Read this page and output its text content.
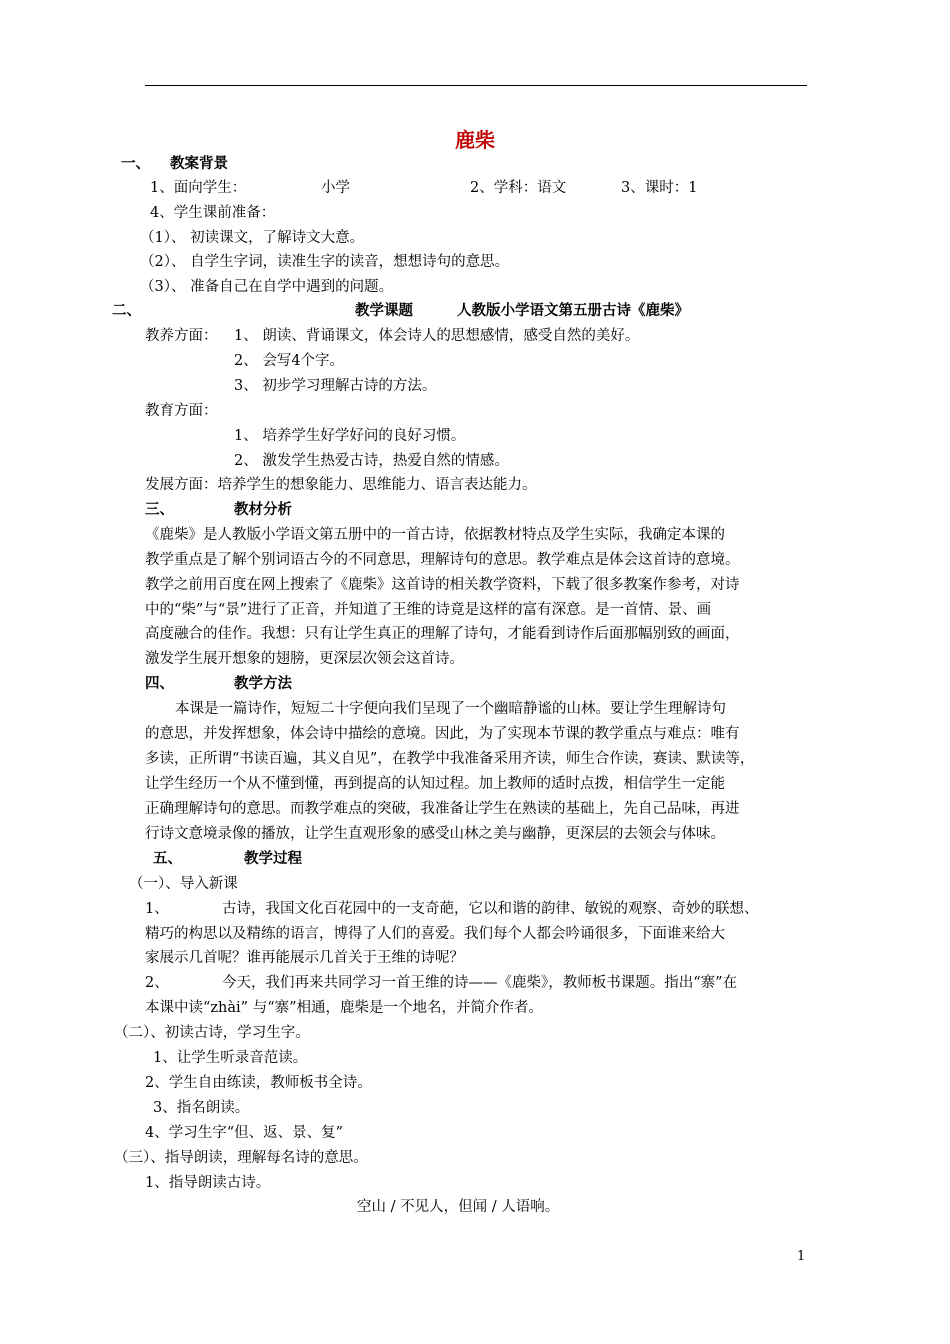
鹿柴
一、 教案背景
1、面向学生：	小学	2、学科：语文	3、课时：1
4、学生课前准备：
（1）、 初读课文，了解诗文大意。
（2）、 自学生字词，读准生字的读音，想想诗句的意思。
（3）、 准备自己在自学中遇到的问题。
二、	教学课题	人教版小学语文第五册古诗《鹿柴》
教养方面： 1、 朗读、背诵课文，体会诗人的思想感情，感受自然的美好。
2、 会写4个字。
3、 初步学习理解古诗的方法。
教育方面：
1、 培养学生好学好问的良好习惯。
2、 激发学生热爱古诗，热爱自然的情感。
发展方面：培养学生的想象能力、思维能力、语言表达能力。
三、	教材分析
《鹿柴》是人教版小学语文第五册中的一首古诗，依据教材特点及学生实际，我确定本课的
教学重点是了解个别词语古今的不同意思，理解诗句的意思。教学难点是体会这首诗的意境。
教学之前用百度在网上搜索了《鹿柴》这首诗的相关教学资料，下载了很多教案作参考，对诗
中的“柴”与“景”进行了正音，并知道了王维的诗竟是这样的富有深意。是一首情、景、画
高度融合的佳作。我想：只有让学生真正的理解了诗句，才能看到诗作后面那幅别致的画面，
激发学生展开想象的翅膀，更深层次领会这首诗。
四、	教学方法
本课是一篇诗作，短短二十字便向我们呈现了一个幽暗静谧的山林。要让学生理解诗句
的意思，并发挥想象，体会诗中描绘的意境。因此，为了实现本节课的教学重点与难点：唯有
多读，正所谓“书读百遍，其义自见”，在教学中我准备采用齐读，师生合作读，赛读、默读等，
让学生经历一个从不懂到懂，再到提高的认知过程。加上教师的适时点拨，相信学生一定能
正确理解诗句的意思。而教学难点的突破，我准备让学生在熟读的基础上，先自己品味，再进
行诗文意境录像的播放，让学生直观形象的感受山林之美与幽静，更深层的去领会与体味。
五、	教学过程
（一）、导入新课
1、	古诗，我国文化百花园中的一支奇葩，它以和谐的韵律、敏锐的观察、奇妙的联想、
精巧的构思以及精练的语言，博得了人们的喜爱。我们每个人都会吟诵很多，下面谁来给大
家展示几首呢？谁再能展示几首关于王维的诗呢？
2、	今天，我们再来共同学习一首王维的诗——《鹿柴》，教师板书课题。指出“寨”在
本课中读“zhài” 与“寨”相通，鹿柴是一个地名，并简介作者。
（二）、初读古诗，学习生字。
1、让学生听录音范读。
2、学生自由练读，教师板书全诗。
3、指名朗读。
4、学习生字“但、返、景、复”
（三）、指导朗读，理解每名诗的意思。
1、指导朗读古诗。
空山 / 不见人，但闻 / 人语响。
1
